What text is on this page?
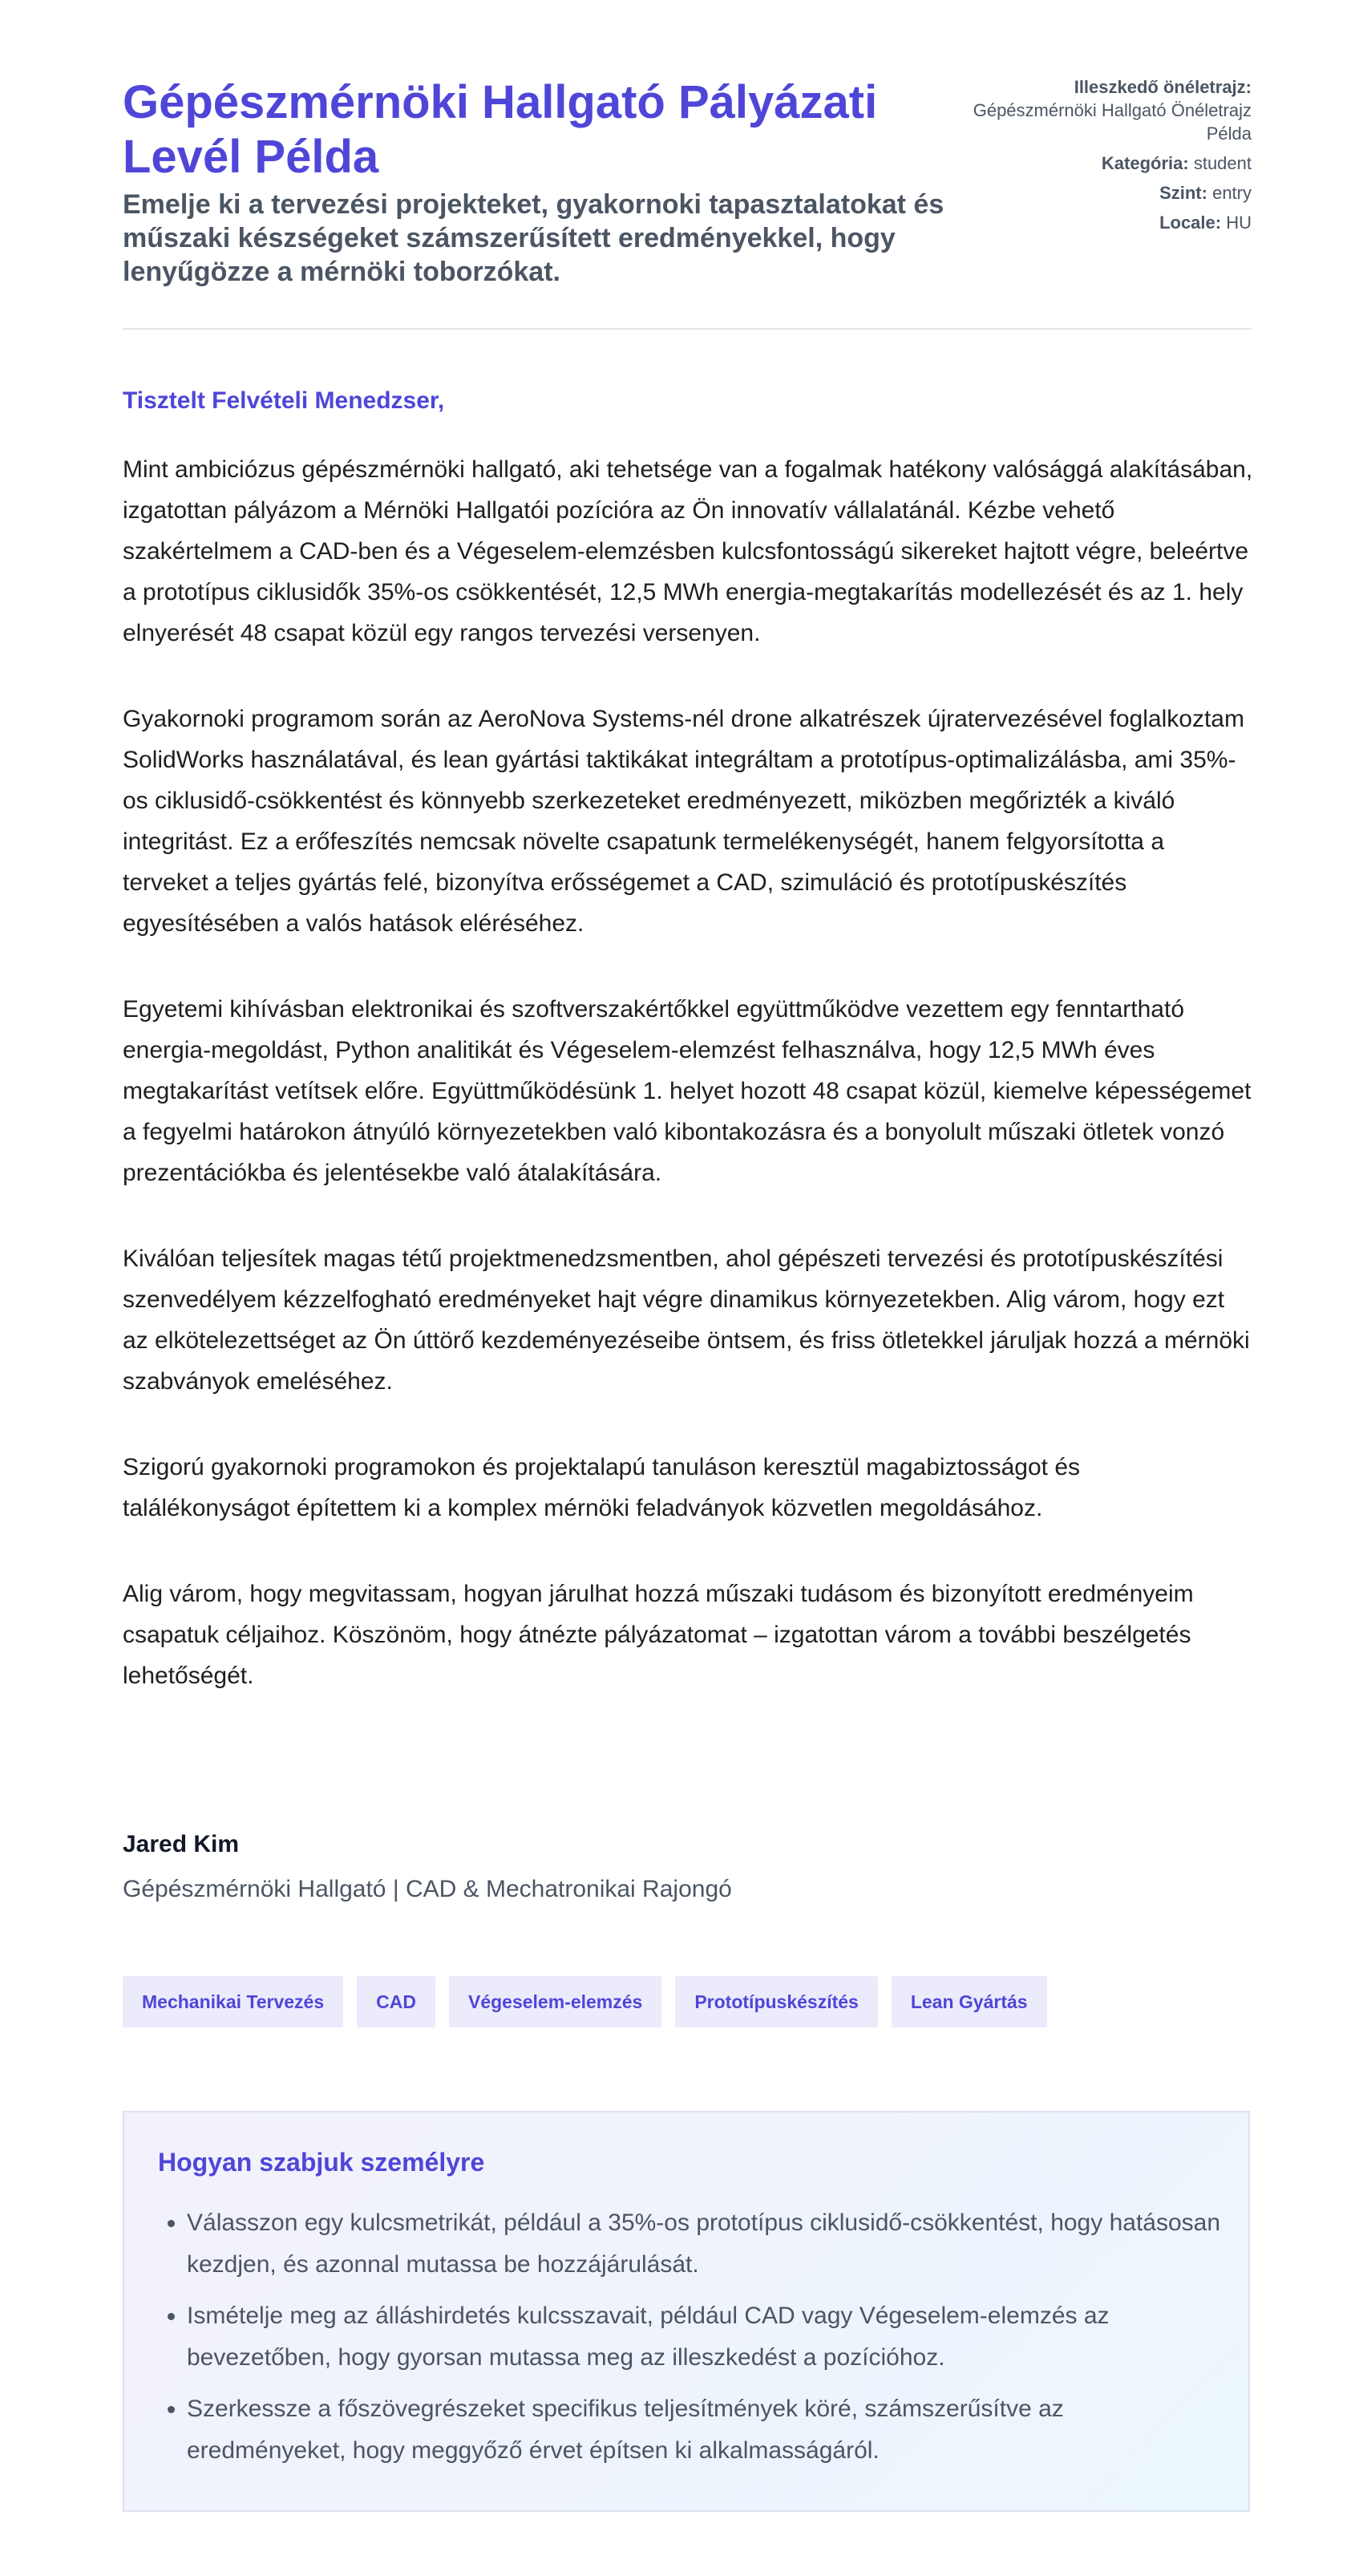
Gépészmérnöki Hallgató Pályázati Levél Példa

Emelje ki a tervezési projekteket, gyakornoki tapasztalatokat és műszaki készségeket számszerűsített eredményekkel, hogy lenyűgözze a mérnöki toborzókat.

Illeszkedő önéletrajz:
Gépészmérnöki Hallgató Önéletrajz Példa
Kategória: student
Szint: entry
Locale: HU
Tisztelt Felvételi Menedzser,

Mint ambiciózus gépészmérnöki hallgató, aki tehetsége van a fogalmak hatékony valósággá alakításában, izgatottan pályázom a Mérnöki Hallgatói pozícióra az Ön innovatív vállalatánál. Kézbe vehető szakértelmem a CAD-ben és a Végeselem-elemzésben kulcsfontosságú sikereket hajtott végre, beleértve a prototípus ciklusidők 35%-os csökkentését, 12,5 MWh energia-megtakarítás modellezését és az 1. hely elnyerését 48 csapat közül egy rangos tervezési versenyen.

Gyakornoki programom során az AeroNova Systems-nél drone alkatrészek újratervezésével foglalkoztam SolidWorks használatával, és lean gyártási taktikákat integráltam a prototípus-optimalizálásba, ami 35%-os ciklusidő-csökkentést és könnyebb szerkezeteket eredményezett, miközben megőrizték a kiváló integritást. Ez a erőfeszítés nemcsak növelte csapatunk termelékenységét, hanem felgyorsította a terveket a teljes gyártás felé, bizonyítva erősségemet a CAD, szimuláció és prototípuskészítés egyesítésében a valós hatások eléréséhez.

Egyetemi kihívásban elektronikai és szoftverszakértőkkel együttműködve vezettem egy fenntartható energia-megoldást, Python analitikát és Végeselem-elemzést felhasználva, hogy 12,5 MWh éves megtakarítást vetítsek előre. Együttműködésünk 1. helyet hozott 48 csapat közül, kiemelve képességemet a fegyelmi határokon átnyúló környezetekben való kibontakozásra és a bonyolult műszaki ötletek vonzó prezentációkba és jelentésekbe való átalakítására.

Kiválóan teljesítek magas tétű projektmenedzsmentben, ahol gépészeti tervezési és prototípuskészítési szenvedélyem kézzelfogható eredményeket hajt végre dinamikus környezetekben. Alig várom, hogy ezt az elkötelezettséget az Ön úttörő kezdeményezéseibe öntsem, és friss ötletekkel járuljak hozzá a mérnöki szabványok emeléséhez.

Szigorú gyakornoki programokon és projektalapú tanuláson keresztül magabiztosságot és találékonyságot építettem ki a komplex mérnöki feladványok közvetlen megoldásához.

Alig várom, hogy megvitassam, hogyan járulhat hozzá műszaki tudásom és bizonyított eredményeim csapatuk céljaihoz. Köszönöm, hogy átnézte pályázatomat – izgatottan várom a további beszélgetés lehetőségét.

Jared Kim
Gépészmérnöki Hallgató | CAD & Mechatronikai Rajongó
Mechanikai Tervezés	CAD	Végeselem-elemzés	Prototípuskészítés	Lean Gyártás
Hogyan szabjuk személyre
• Válasszon egy kulcsmetrikát, például a 35%-os prototípus ciklusidő-csökkentést, hogy hatásosan kezdjen, és azonnal mutassa be hozzájárulását.
• Ismételje meg az álláshirdetés kulcsszavait, például CAD vagy Végeselem-elemzés az bevezetőben, hogy gyorsan mutassa meg az illeszkedést a pozícióhoz.
• Szerkessze a főszövegrészeket specifikus teljesítmények köré, számszerűsítve az eredményeket, hogy meggyőző érvet építsen ki alkalmasságáról.
